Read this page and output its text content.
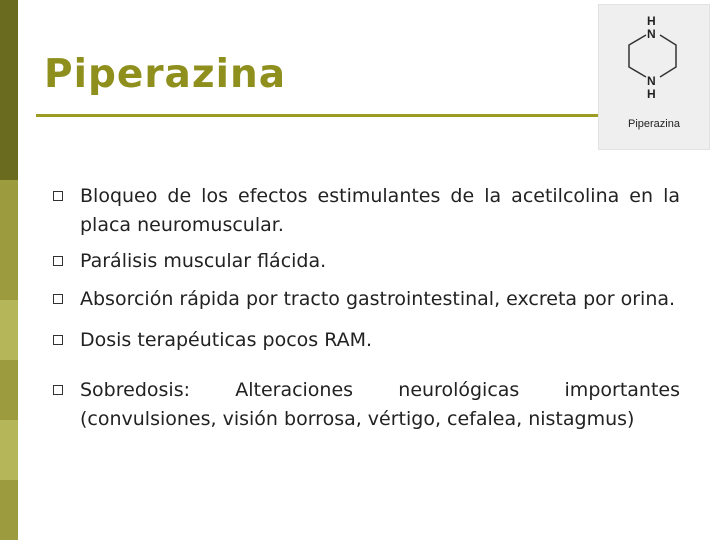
Piperazina
H
N
N
H
Piperazina
Bloqueo de los efectos estimulantes de la acetilcolina en la placa neuromuscular.
Parálisis muscular flácida.
Absorción rápida por tracto gastrointestinal, excreta por orina.
Dosis terapéuticas pocos RAM.
Sobredosis: Alteraciones neurológicas importantes (convulsiones, visión borrosa, vértigo, cefalea, nistagmus)
